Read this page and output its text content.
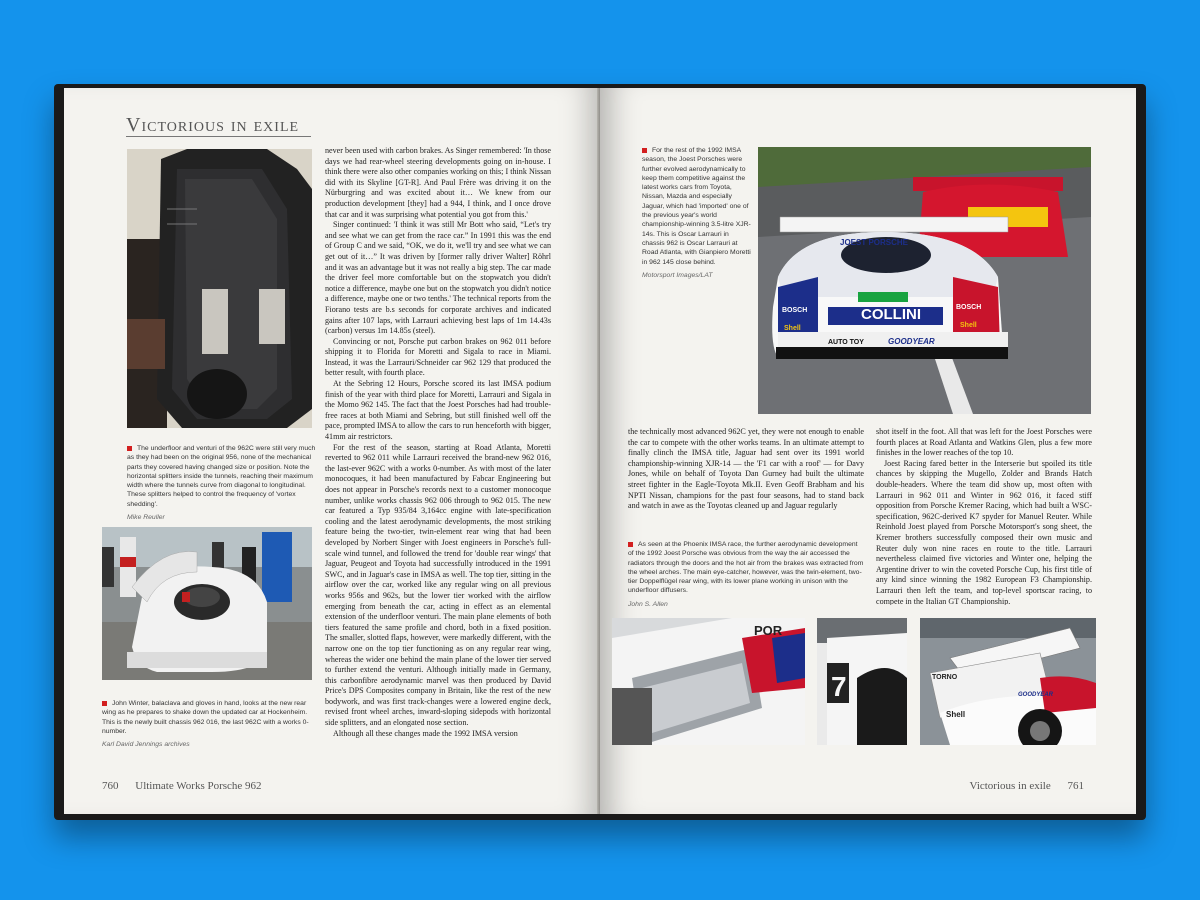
Victorious in exile
The underfloor and venturi of the 962C were still very much as they had been on the original 956, none of the mechanical parts they covered having changed size or position. Note the horizontal splitters inside the tunnels, reaching their maximum width where the tunnels curve from diagonal to longitudinal. These splitters helped to control the frequency of 'vortex shedding'.
Mike Reuller
John Winter, balaclava and gloves in hand, looks at the new rear wing as he prepares to shake down the updated car at Hockenheim. This is the newly built chassis 962 016, the last 962C with a works 0-number.
Karl David Jennings archives

never been used with carbon brakes. As Singer remembered: 'In those days we had rear-wheel steering developments going on in-house. I think there were also other companies working on this; I think Nissan did with its Skyline [GT-R]. And Paul Frère was driving it on the Nürburgring and was excited about it… We knew from our production development [they] had a 944, I think, and I once drove that car and it was surprising what potential you got from this.'

Singer continued: 'I think it was still Mr Bott who said, “Let's try and see what we can get from the race car.” In 1991 this was the end of Group C and we said, “OK, we do it, we'll try and see what we can get out of it…” It was driven by [former rally driver Walter] Röhrl and it was an advantage but it was not really a big step. The car made the driver feel more comfortable but on the stopwatch you didn't notice a difference, maybe one but on the stopwatch you didn't notice a difference, maybe one or two tenths.' The technical reports from the Fiorano tests are b.s seconds for corporate archives and indicated gains after 107 laps, with Larrauri achieving best laps of 1m 14.43s (carbon) versus 1m 14.85s (steel).

Convincing or not, Porsche put carbon brakes on 962 011 before shipping it to Florida for Moretti and Sigala to race in Miami. Instead, it was the Larrauri/Schneider car 962 129 that produced the better result, with fourth place.

At the Sebring 12 Hours, Porsche scored its last IMSA podium finish of the year with third place for Moretti, Larrauri and Sigala in the Momo 962 145. The fact that the Joest Porsches had had trouble-free races at both Miami and Sebring, but still finished well off the pace, prompted IMSA to allow the cars to run henceforth with bigger, 41mm air restrictors.

For the rest of the season, starting at Road Atlanta, Moretti reverted to 962 011 while Larrauri received the brand-new 962 016, the last-ever 962C with a works 0-number. As with most of the later monocoques, it had been manufactured by Fabcar Engineering but does not appear in Porsche's records next to a customer monocoque number, unlike works chassis 962 006 through to 962 015. The new car featured a Typ 935/84 3,164cc engine with late-specification cooling and the latest aerodynamic developments, the most striking feature being the two-tier, twin-element rear wing that had been developed by Norbert Singer with Joest engineers in Porsche's full-scale wind tunnel, and followed the trend for 'double rear wings' that Jaguar, Peugeot and Toyota had successfully introduced in the 1991 SWC, and in Jaguar's case in IMSA as well. The top tier, sitting in the airflow over the car, worked like any regular wing on all previous works 956s and 962s, but the lower tier worked with the airflow emerging from beneath the car, acting in effect as an elemental extension of the underfloor venturi. The main plane elements of both tiers featured the same profile and chord, both in a fixed position. The smaller, slotted flaps, however, were markedly different, with the narrow one on the top tier functioning as on any regular rear wing, whereas the wider one behind the main plane of the lower tier served to further extend the venturi. Although initially made in Germany, this carbonfibre aerodynamic marvel was then produced by David Price's DPS Composites company in Britain, like the rest of the new bodywork, and was first track-changes were a lowered engine deck, revised front wheel arches, inward-sloping sidepods with horizontal side splitters, and an elongated nose section.

Although all these changes made the 1992 IMSA version

760 Ultimate Works Porsche 962
For the rest of the 1992 IMSA season, the Joest Porsches were further evolved aerodynamically to keep them competitive against the latest works cars from Toyota, Nissan, Mazda and especially Jaguar, which had 'imported' one of the previous year's world championship-winning 3.5-litre XJR-14s. This is Oscar Larrauri in chassis 962 is Oscar Larrauri at Road Atlanta, with Gianpiero Moretti in 962 145 close behind.
Motorsport Images/LAT
JOEST PORSCHE
COLLINI
BOSCH	BOSCH
Shell	Shell
AUTO TOY	GOODYEAR

the technically most advanced 962C yet, they were not enough to enable the car to compete with the other works teams. In an ultimate attempt to finally clinch the IMSA title, Jaguar had sent over its 1991 world championship-winning XJR-14 — the 'F1 car with a roof' — for Davy Jones, while on behalf of Toyota Dan Gurney had built the ultimate street fighter in the Eagle-Toyota Mk.II. Even Geoff Brabham and his NPTI Nissan, champions for the past four seasons, had to stand back and watch in awe as the Toyotas cleaned up and Jaguar regularly

As seen at the Phoenix IMSA race, the further aerodynamic development of the 1992 Joest Porsche was obvious from the way the air accessed the radiators through the doors and the hot air from the brakes was extracted from the wheel arches. The main eye-catcher, however, was the twin-element, two-tier Doppelflügel rear wing, with its lower plane working in unison with the underfloor diffusers.
John S. Allen

shot itself in the foot. All that was left for the Joest Porsches were fourth places at Road Atlanta and Watkins Glen, plus a few more finishes in the lower reaches of the top 10.

Joest Racing fared better in the Interserie but spoiled its title chances by skipping the Mugello, Zolder and Brands Hatch double-headers. Where the team did show up, most often with Larrauri in 962 011 and Winter in 962 016, it faced stiff opposition from Porsche Kremer Racing, which had built a WSC-specification, 962C-derived K7 spyder for Manuel Reuter. While Reinhold Joest played from Porsche Motorsport's song sheet, the Kremer brothers successfully composed their own music and Reuter duly won nine races en route to the title. Larrauri nevertheless claimed five victories and Winter one, helping the Argentine driver to win the coveted Porsche Cup, his first title of any kind since winning the 1982 European F3 Championship. Larrauri then left the team, and top-level sportscar racing, to compete in the Italian GT Championship.

POR
7	TORNO
GOODYEAR
Shell
Victorious in exile 761
